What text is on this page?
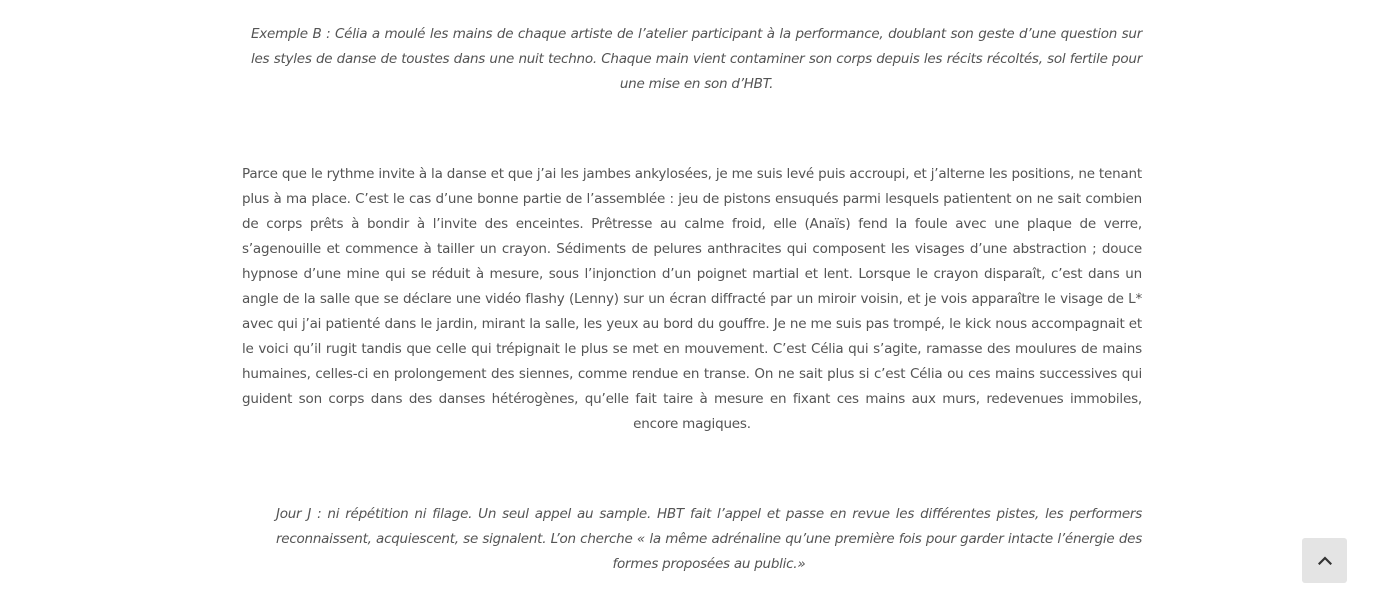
Exemple B : Célia a moulé les mains de chaque artiste de l’atelier participant à la performance, doublant son geste d’une question sur les styles de danse de toustes dans une nuit techno. Chaque main vient contaminer son corps depuis les récits récoltés, sol fertile pour une mise en son d’HBT.

Parce que le rythme invite à la danse et que j’ai les jambes ankylosées, je me suis levé puis accroupi, et j’alterne les positions, ne tenant plus à ma place. C’est le cas d’une bonne partie de l’assemblée : jeu de pistons ensuqués parmi lesquels patientent on ne sait combien de corps prêts à bondir à l’invite des enceintes. Prêtresse au calme froid, elle (Anaïs) fend la foule avec une plaque de verre, s’agenouille et commence à tailler un crayon. Sédiments de pelures anthracites qui composent les visages d’une abstraction ; douce hypnose d’une mine qui se réduit à mesure, sous l’injonction d’un poignet martial et lent. Lorsque le crayon disparaît, c’est dans un angle de la salle que se déclare une vidéo flashy (Lenny) sur un écran diffracté par un miroir voisin, et je vois apparaître le visage de L* avec qui j’ai patienté dans le jardin, mirant la salle, les yeux au bord du gouffre. Je ne me suis pas trompé, le kick nous accompagnait et le voici qu’il rugit tandis que celle qui trépignait le plus se met en mouvement. C’est Célia qui s’agite, ramasse des moulures de mains humaines, celles-ci en prolongement des siennes, comme rendue en transe. On ne sait plus si c’est Célia ou ces mains successives qui guident son corps dans des danses hétérogènes, qu’elle fait taire à mesure en fixant ces mains aux murs, redevenues immobiles, encore magiques.

Jour J : ni répétition ni filage. Un seul appel au sample. HBT fait l’appel et passe en revue les différentes pistes, les performers reconnaissent, acquiescent, se signalent. L’on cherche « la même adrénaline qu’une première fois pour garder intacte l’énergie des formes proposées au public.»
